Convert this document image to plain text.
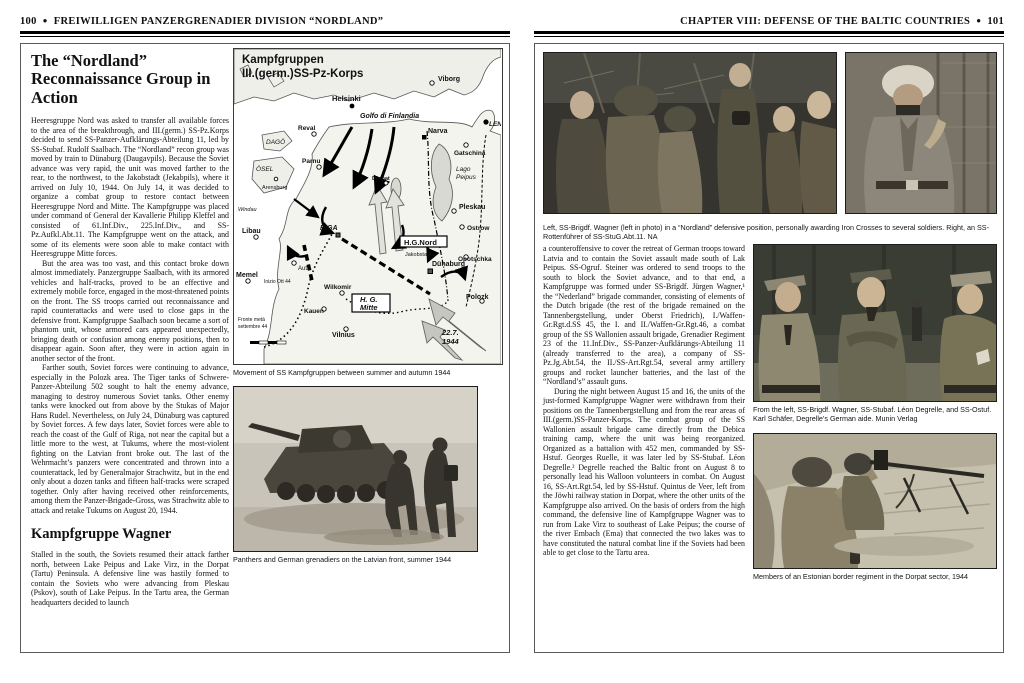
100 ● FREIWILLIGEN PANZERGRENADIER DIVISION “NORDLAND”
The “Nordland” Reconnaissance Group in Action

Heeresgruppe Nord was asked to transfer all available forces to the area of the breakthrough, and III.(germ.) SS-Pz.Korps decided to send SS-Panzer-Aufklärungs-Abteilung 11, led by SS-Stubaf. Rudolf Saalbach. The “Nordland” recon group was moved by train to Dünaburg (Daugavpils). Because the Soviet advance was very rapid, the unit was moved farther to the rear, to the northwest, to the Jakobstadt (Jekabpils), where it arrived on July 10, 1944. On July 14, it was decided to organize a combat group to restore contact between Heeresgruppe Nord and Mitte. The Kampfgruppe was placed under command of General der Kavallerie Philipp Kleffel and consisted of 61.Inf.Div., 225.Inf.Div., and SS-Pz.Aufkl.Abt.11. The Kampfgruppe went on the attack, and some of its elements were soon able to make contact with Heeresgruppe Mitte forces.

But the area was too vast, and this contact broke down almost immediately. Panzergruppe Saalbach, with its armored vehicles and half-tracks, proved to be an effective and extremely mobile force, engaged in the most-threatened points on the front. The SS troops carried out reconnaissance and rapid counterattacks and were used to close gaps in the defensive front. Kampfgruppe Saalbach soon became a sort of phantom unit, whose armored cars appeared unexpectedly, bringing death or confusion among enemy positions, then to disappear again. Soon after, they were in action again in another sector of the front.

Farther south, Soviet forces were continuing to advance, especially in the Polozk area. The Tiger tanks of Schwere-Panzer-Abteilung 502 sought to halt the enemy advance, managing to destroy numerous Soviet tanks. Other enemy tanks were knocked out from above by the Stukas of Major Hans Rudel. Nevertheless, on July 24, Dünaburg was captured by Soviet forces. A few days later, Soviet forces were able to reach the coast of the Gulf of Riga, not near the capital but a little more to the west, at Tukums, where the most-violent fighting on the Latvian front broke out. The last of the Wehrmacht’s panzers were concentrated and thrown into a counterattack, led by Generalmajor Strachwitz, but in the end only about a dozen tanks and fifteen half-tracks were scraped together. Only after having received other reinforcements, among them the Panzer-Brigade-Gross, was Strachwitz able to attack and retake Tukums on August 20, 1944.

Kampfgruppe Wagner

Stalled in the south, the Soviets resumed their attack farther north, between Lake Peipus and Lake Virz, in the Dorpat (Tartu) Peninsula. A defensive line was hastily formed to contain the Soviets who were advancing from Pleskau (Pskov), south of Lake Peipus. In the Tartu area, the German headquarters decided to launch

Kampfgruppen
III.(germ.)SS-Pz-Korps
Helsinki
Viborg
Golfo di Finlandia
LEN
DAGÖ
Reval	Narva
Gatschina
ÖSEL
Parnu
Arensburg
Lago
Peipus
Pleskau
Windau
Ostrow
Libau	RIGA
H.G.Nord
Jakobstadt
Opotschka
Dorpat
Autz
Memel
Inizio Ott 44
Dünaburg
Wilkomir
H. G.
Mitte
Kauen
Polozk
Vilnius
Fronte metà
settembre 44
22.7.
1944
Movement of SS Kampfgruppen between summer and autumn 1944
Panthers and German grenadiers on the Latvian front, summer 1944
CHAPTER VIII: DEFENSE OF THE BALTIC COUNTRIES ● 101
Left, SS-Brigdf. Wagner (left in photo) in a “Nordland” defensive position, personally awarding Iron Crosses to several soldiers. Right, an SS-Rottenführer of SS-StuG.Abt.11. NA

a counteroffensive to cover the retreat of German troops toward Latvia and to contain the Soviet assault made south of Lak Peipus. SS-Ogruf. Steiner was ordered to send troops to the south to block the Soviet advance, and to that end, a Kampfgruppe was formed under SS-Brigdf. Jürgen Wagner,¹ the “Nederland” brigade commander, consisting of elements of the Dutch brigade (the rest of the brigade remained on the Tannenbergstellung, under Oberst Friedrich), I./Waffen-Gr.Rgt.d.SS 45, the I. and II./Waffen-Gr.Rgt.46, a combat group of the SS Wallonien assault brigade, Grenadier Regiment 23 of the 11.Inf.Div., SS-Panzer-Aufklärungs-Abteilung 11 (already transferred to the area), a company of SS-Pz.Jg.Abt.54, the II./SS-Art.Rgt.54, several army artillery groups and rocket launcher batteries, and the last of the “Nordland’s” assault guns.

During the night between August 15 and 16, the units of the just-formed Kampfgruppe Wagner were withdrawn from their positions on the Tannenbergstellung and from the rear areas of III.(germ.)SS-Panzer-Korps. The combat group of the SS Wallonien assault brigade came directly from the Debica training camp, where the unit was being reorganized. Organized as a battalion with 452 men, commanded by SS-Hstuf. Georges Ruelle, it was later led by SS-Stubaf. Léon Degrelle.² Degrelle reached the Baltic front on August 8 to personally lead his Walloon volunteers in combat. On August 16, SS-Art.Rgt.54, led by SS-Hstuf. Quintus de Veer, left from the Jöwhi railway station in Dorpat, where the other units of the Kampfgruppe also arrived. On the basis of orders from the high command, the defensive line of Kampfgruppe Wagner was to run from Lake Virz to southeast of Lake Peipus; the course of the river Embach (Ema) that connected the two lakes was to have constituted the natural combat line if the Soviets had been able to get close to the Tartu area.

From the left, SS-Brigdf. Wagner, SS-Stubaf. Léon Degrelle, and SS-Ostuf. Karl Schäfer, Degrelle’s German aide. Munin Verlag
Members of an Estonian border regiment in the Dorpat sector, 1944
